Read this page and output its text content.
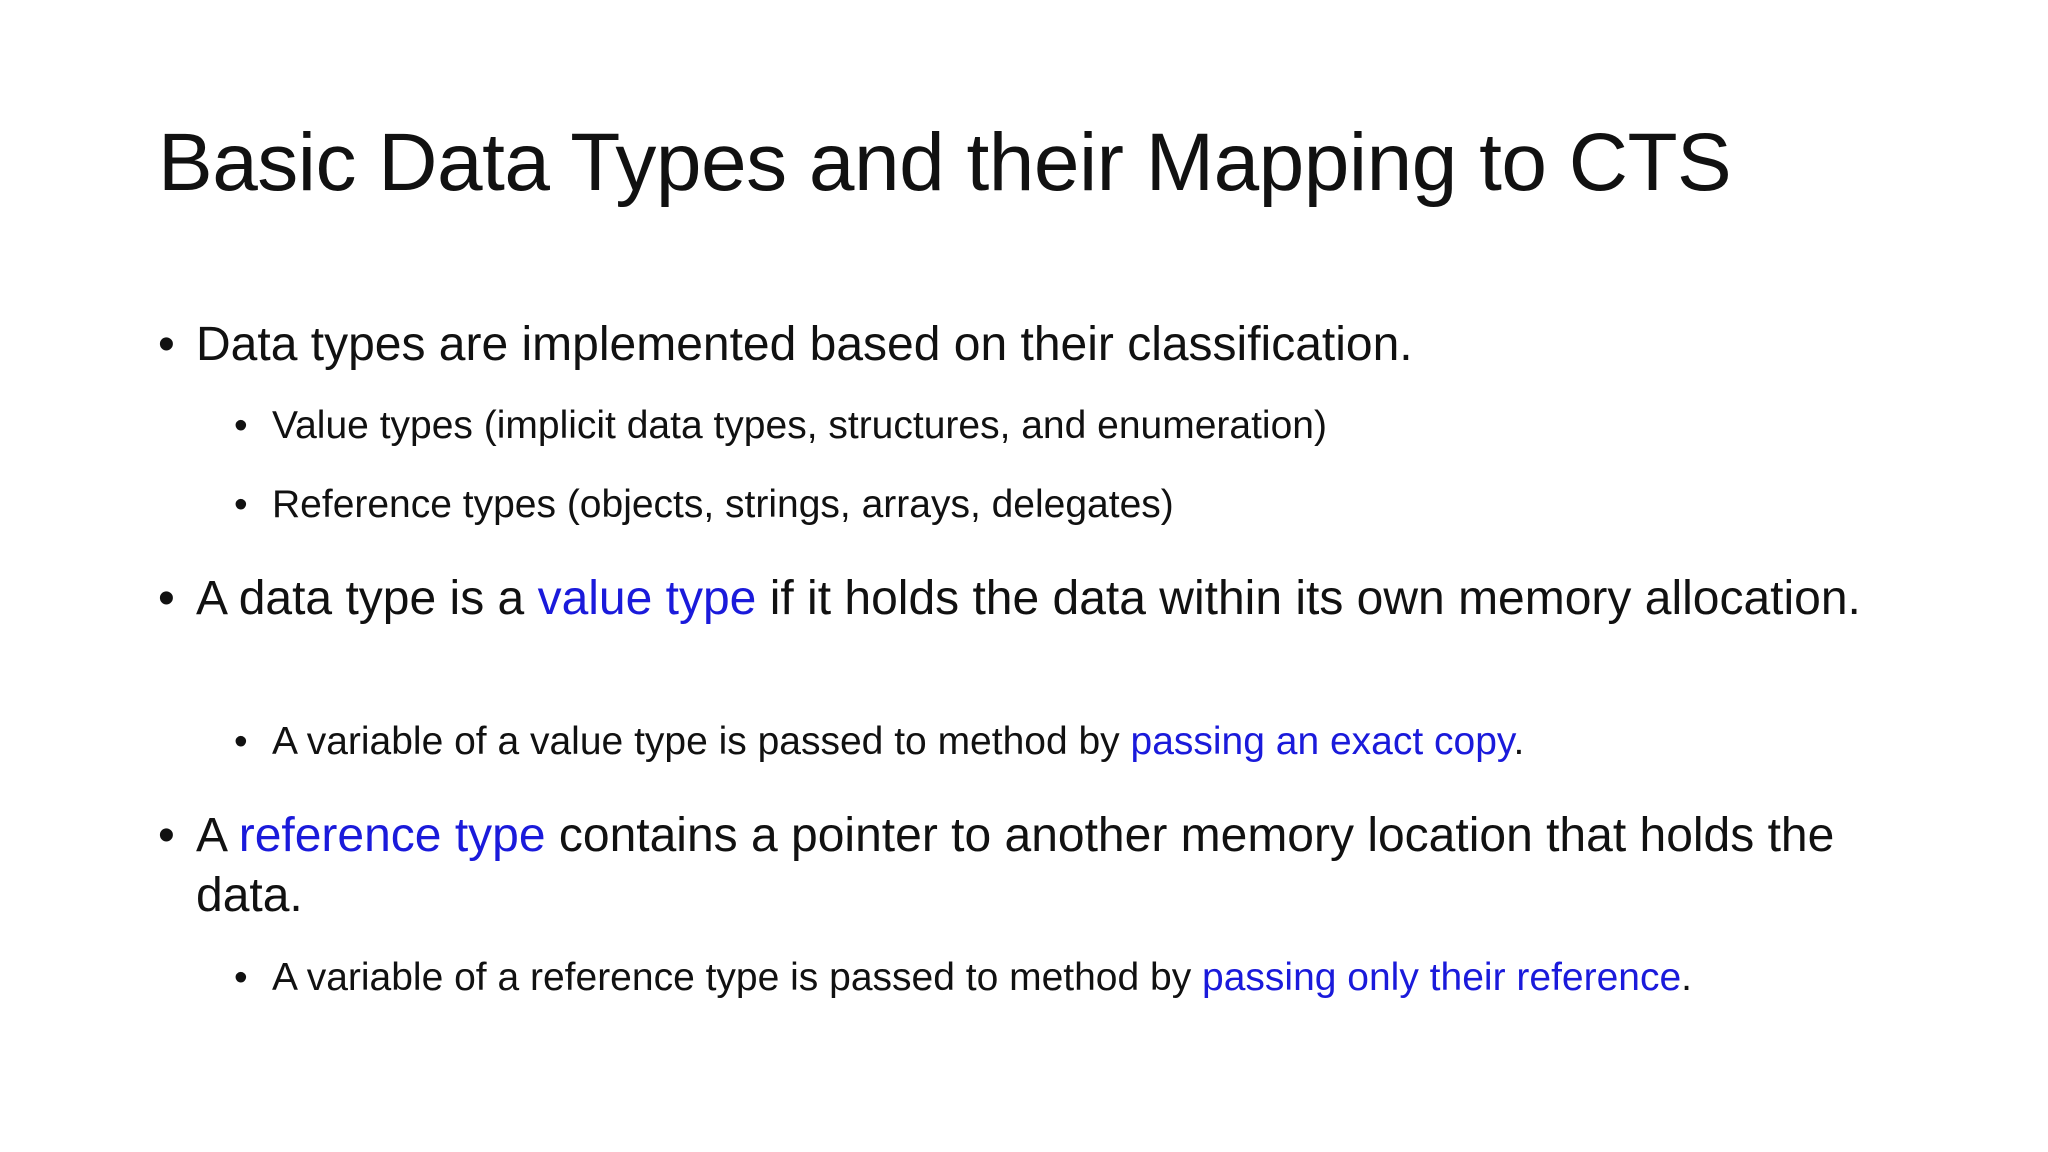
Basic Data Types and their Mapping to CTS
• Data types are implemented based on their classification.
• Value types (implicit data types, structures, and enumeration)
• Reference types (objects, strings, arrays, delegates)
• A data type is a value type if it holds the data within its own memory allocation.
• A variable of a value type is passed to method by passing an exact copy.
• A reference type contains a pointer to another memory location that holds the data.
• A variable of a reference type is passed to method by passing only their reference.
